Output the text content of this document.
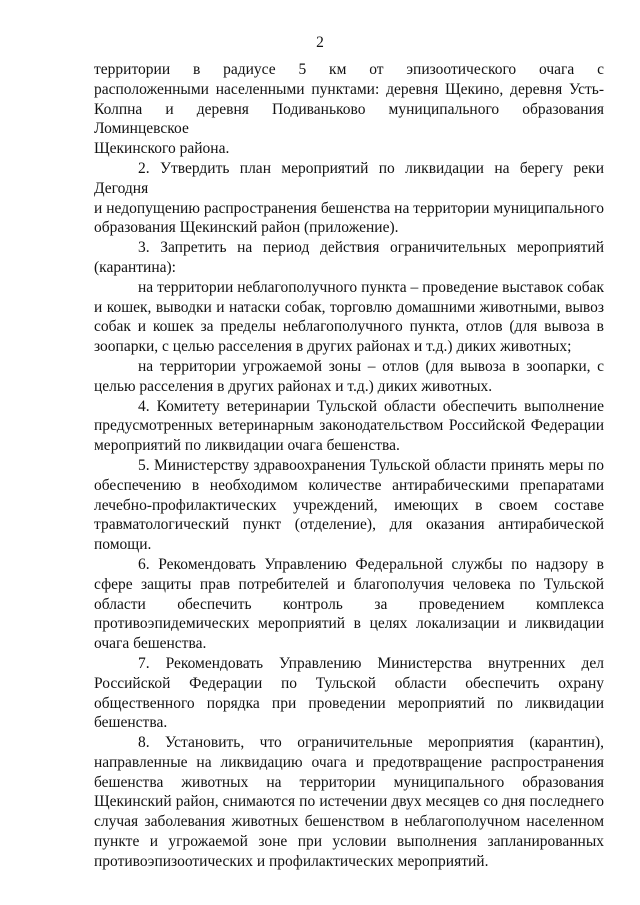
2

территории в радиусе 5 км от эпизоотического очага с
расположенными населенными пунктами: деревня Щекино, деревня Усть-
Колпна и деревня Подиваньково муниципального образования Ломинцевское
Щекинского района.

2. Утвердить план мероприятий по ликвидации на берегу реки Дегодня
и недопущению распространения бешенства на территории муниципального
образования Щекинский район (приложение).

3. Запретить на период действия ограничительных мероприятий
(карантина):

на территории неблагополучного пункта – проведение выставок собак
и кошек, выводки и натаски собак, торговлю домашними животными, вывоз
собак и кошек за пределы неблагополучного пункта, отлов (для вывоза в
зоопарки, с целью расселения в других районах и т.д.) диких животных;

на территории угрожаемой зоны – отлов (для вывоза в зоопарки, с
целью расселения в других районах и т.д.) диких животных.

4. Комитету ветеринарии Тульской области обеспечить выполнение
предусмотренных ветеринарным законодательством Российской Федерации
мероприятий по ликвидации очага бешенства.

5. Министерству здравоохранения Тульской области принять меры по
обеспечению в необходимом количестве антирабическими препаратами
лечебно-профилактических учреждений, имеющих в своем составе
травматологический пункт (отделение), для оказания антирабической
помощи.

6. Рекомендовать Управлению Федеральной службы по надзору в
сфере защиты прав потребителей и благополучия человека по Тульской
области обеспечить контроль за проведением комплекса
противоэпидемических мероприятий в целях локализации и ликвидации
очага бешенства.

7. Рекомендовать Управлению Министерства внутренних дел
Российской Федерации по Тульской области обеспечить охрану
общественного порядка при проведении мероприятий по ликвидации
бешенства.

8. Установить, что ограничительные мероприятия (карантин),
направленные на ликвидацию очага и предотвращение распространения
бешенства животных на территории муниципального образования
Щекинский район, снимаются по истечении двух месяцев со дня последнего
случая заболевания животных бешенством в неблагополучном населенном
пункте и угрожаемой зоне при условии выполнения запланированных
противоэпизоотических и профилактических мероприятий.
